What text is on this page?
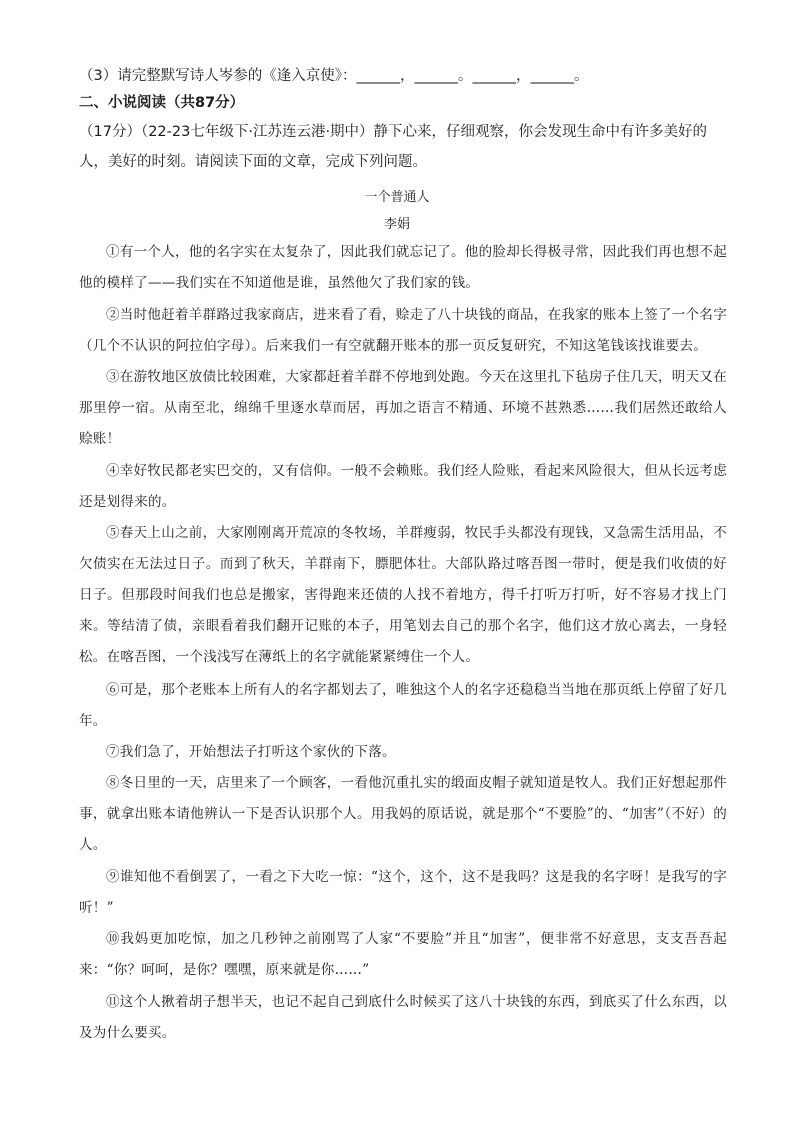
（3）请完整默写诗人岑参的《逢入京使》：______，______。______，______。
二、小说阅读（共87分）

（17分）（22-23七年级下·江苏连云港·期中）静下心来，仔细观察，你会发现生命中有许多美好的人，美好的时刻。请阅读下面的文章，完成下列问题。

一个普通人
李娟

①有一个人，他的名字实在太复杂了，因此我们就忘记了。他的脸却长得极寻常，因此我们再也想不起他的模样了——我们实在不知道他是谁，虽然他欠了我们家的钱。

②当时他赶着羊群路过我家商店，进来看了看，赊走了八十块钱的商品，在我家的账本上签了一个名字（几个不认识的阿拉伯字母）。后来我们一有空就翻开账本的那一页反复研究，不知这笔钱该找谁要去。

③在游牧地区放债比较困难，大家都赶着羊群不停地到处跑。今天在这里扎下毡房子住几天，明天又在那里停一宿。从南至北，绵绵千里逐水草而居，再加之语言不精通、环境不甚熟悉……我们居然还敢给人赊账！

④幸好牧民都老实巴交的，又有信仰。一般不会赖账。我们经人险账，看起来风险很大，但从长远考虑还是划得来的。

⑤春天上山之前，大家刚刚离开荒凉的冬牧场，羊群瘦弱，牧民手头都没有现钱，又急需生活用品，不欠债实在无法过日子。而到了秋天，羊群南下，膘肥体壮。大部队路过喀吾图一带时，便是我们收债的好日子。但那段时间我们也总是搬家，害得跑来还债的人找不着地方，得千打听万打听，好不容易才找上门来。等结清了债，亲眼看着我们翻开记账的本子，用笔划去自己的那个名字，他们这才放心离去，一身轻松。在喀吾图，一个浅浅写在薄纸上的名字就能紧紧缚住一个人。

⑥可是，那个老账本上所有人的名字都划去了，唯独这个人的名字还稳稳当当地在那页纸上停留了好几年。

⑦我们急了，开始想法子打听这个家伙的下落。

⑧冬日里的一天，店里来了一个顾客，一看他沉重扎实的缎面皮帽子就知道是牧人。我们正好想起那件事，就拿出账本请他辨认一下是否认识那个人。用我妈的原话说，就是那个“不要脸”的、“加害”（不好）的人。

⑨谁知他不看倒罢了，一看之下大吃一惊：“这个，这个，这不是我吗？这是我的名字呀！是我写的字听！”

⑩我妈更加吃惊，加之几秒钟之前刚骂了人家“不要脸”并且“加害”，便非常不好意思，支支吾吾起来：“你？呵呵，是你？嘿嘿，原来就是你……”

⑪这个人揪着胡子想半天，也记不起自己到底什么时候买了这八十块钱的东西，到底买了什么东西，以及为什么要买。
